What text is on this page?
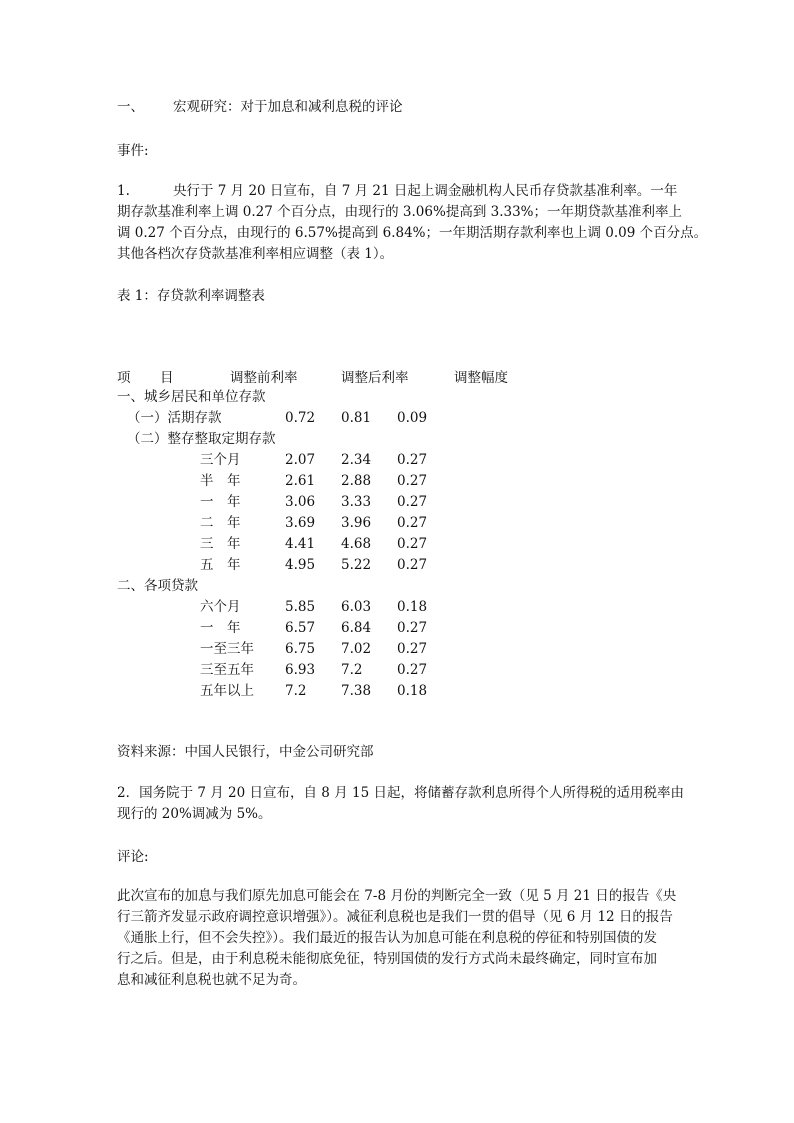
一、 宏观研究：对于加息和减利息税的评论
事件:
1.	央行于 7 月 20 日宣布，自 7 月 21 日起上调金融机构人民币存贷款基准利率。一年
期存款基准利率上调 0.27 个百分点，由现行的 3.06%提高到 3.33%；一年期贷款基准利率上
调 0.27 个百分点，由现行的 6.57%提高到 6.84%；一年期活期存款利率也上调 0.09 个百分点。
其他各档次存贷款基准利率相应调整（表 1）。
表 1：存贷款利率调整表
项 目	调整前利率	调整后利率	调整幅度
一、城乡居民和单位存款
（一）活期存款	0.72 0.81 0.09
（二）整存整取定期存款
三个月	2.07 2.34 0.27
半　年	2.61 2.88 0.27
一　年	3.06 3.33 0.27
二　年	3.69 3.96 0.27
三　年	4.41 4.68 0.27
五　年	4.95 5.22 0.27
二、各项贷款
六个月	5.85 6.03 0.18
一　年	6.57 6.84 0.27
一至三年 6.75 7.02 0.27
三至五年 6.93 7.2	0.27
五年以上 7.2	7.38 0.18
资料来源：中国人民银行，中金公司研究部
2．国务院于 7 月 20 日宣布，自 8 月 15 日起，将储蓄存款利息所得个人所得税的适用税率由
现行的 20%调减为 5%。
评论:
此次宣布的加息与我们原先加息可能会在 7-8 月份的判断完全一致（见 5 月 21 日的报告《央
行三箭齐发显示政府调控意识增强》）。减征利息税也是我们一贯的倡导（见 6 月 12 日的报告
《通胀上行，但不会失控》）。我们最近的报告认为加息可能在利息税的停征和特别国债的发
行之后。但是，由于利息税未能彻底免征，特别国债的发行方式尚未最终确定，同时宣布加
息和减征利息税也就不足为奇。
